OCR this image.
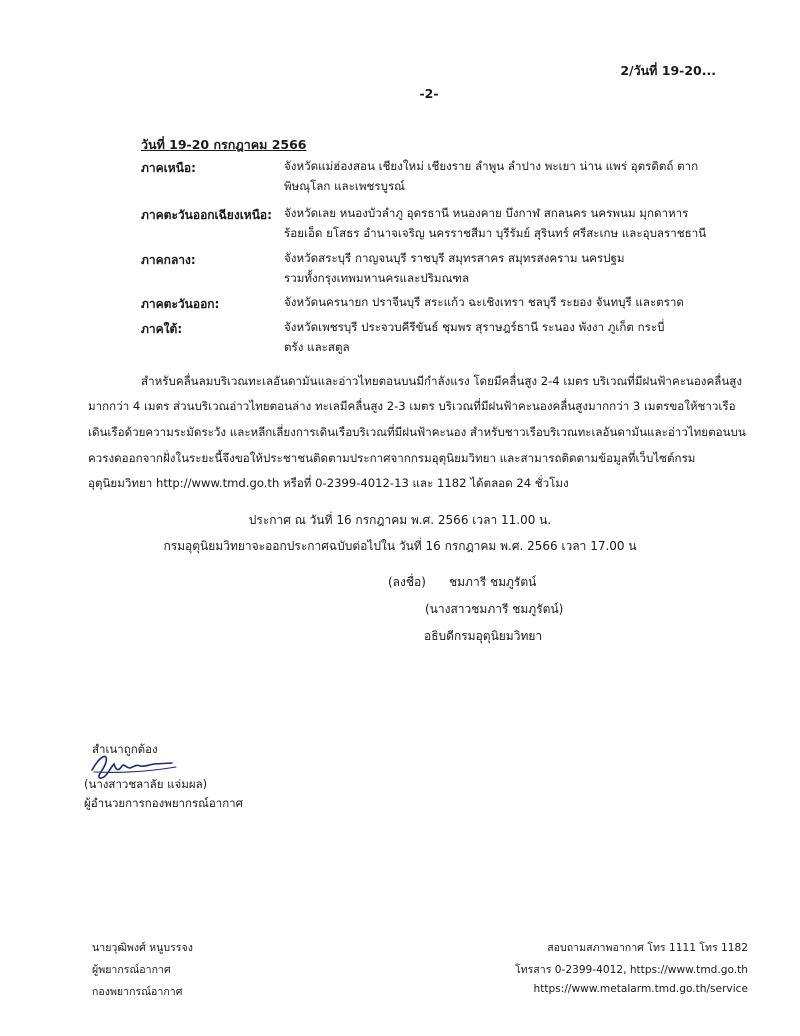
2/วันที่ 19-20...
-2-
วันที่ 19-20 กรกฎาคม 2566
ภาคเหนือ:	จังหวัดแม่ฮ่องสอน เชียงใหม่ เชียงราย ลำพูน ลำปาง พะเยา น่าน แพร่ อุตรดิตถ์ ตาก
พิษณุโลก และเพชรบูรณ์
ภาคตะวันออกเฉียงเหนือ: จังหวัดเลย หนองบัวลำภู อุดรธานี หนองคาย บึงกาฬ สกลนคร นครพนม มุกดาหาร
ร้อยเอ็ด ยโสธร อำนาจเจริญ นครราชสีมา บุรีรัมย์ สุรินทร์ ศรีสะเกษ และอุบลราชธานี
ภาคกลาง:	จังหวัดสระบุรี กาญจนบุรี ราชบุรี สมุทรสาคร สมุทรสงคราม นครปฐม
รวมทั้งกรุงเทพมหานครและปริมณฑล
ภาคตะวันออก:	จังหวัดนครนายก ปราจีนบุรี สระแก้ว ฉะเชิงเทรา ชลบุรี ระยอง จันทบุรี และตราด
ภาคใต้:	จังหวัดเพชรบุรี ประจวบคีรีขันธ์ ชุมพร สุราษฎร์ธานี ระนอง พังงา ภูเก็ต กระบี่
ตรัง และสตูล
สำหรับคลื่นลมบริเวณทะเลอันดามันและอ่าวไทยตอนบนมีกำลังแรง โดยมีคลื่นสูง 2-4 เมตร บริเวณที่มีฝนฟ้าคะนองคลื่นสูง
มากกว่า 4 เมตร ส่วนบริเวณอ่าวไทยตอนล่าง ทะเลมีคลื่นสูง 2-3 เมตร บริเวณที่มีฝนฟ้าคะนองคลื่นสูงมากกว่า 3 เมตรขอให้ชาวเรือ
เดินเรือด้วยความระมัดระวัง และหลีกเลี่ยงการเดินเรือบริเวณที่มีฝนฟ้าคะนอง สำหรับชาวเรือบริเวณทะเลอันดามันและอ่าวไทยตอนบน
ควรงดออกจากฝั่งในระยะนี้จึงขอให้ประชาชนติดตามประกาศจากกรมอุตุนิยมวิทยา และสามารถติดตามข้อมูลที่เว็บไซต์กรม
อุตุนิยมวิทยา http://www.tmd.go.th หรือที่ 0-2399-4012-13 และ 1182 ได้ตลอด 24 ชั่วโมง
ประกาศ ณ วันที่ 16 กรกฎาคม พ.ศ. 2566 เวลา 11.00 น.
กรมอุตุนิยมวิทยาจะออกประกาศฉบับต่อไปใน วันที่ 16 กรกฎาคม พ.ศ. 2566 เวลา 17.00 น
(ลงชื่อ) ชมภารี ชมภูรัตน์
(นางสาวชมภารี ชมภูรัตน์)
อธิบดีกรมอุตุนิยมวิทยา
สำเนาถูกต้อง
(นางสาวชลาลัย แจ่มผล)
ผู้อำนวยการกองพยากรณ์อากาศ
นายวุฒิพงศ์ หนูบรรจง
ผู้พยากรณ์อากาศ
กองพยากรณ์อากาศ
สอบถามสภาพอากาศ โทร 1111 โทร 1182
โทรสาร 0-2399-4012, https://www.tmd.go.th
https://www.metalarm.tmd.go.th/service
